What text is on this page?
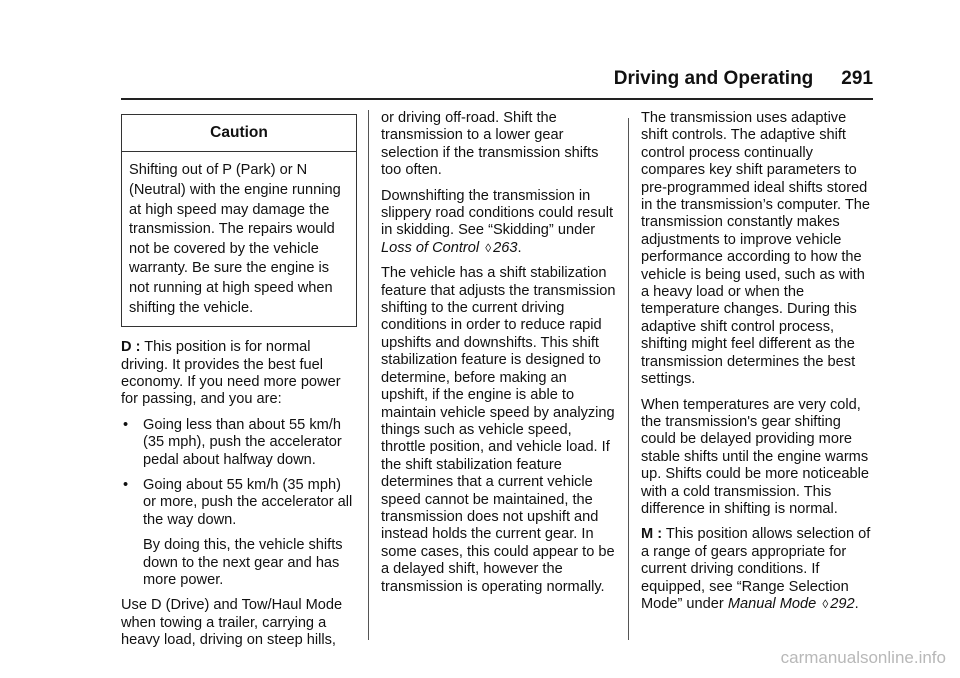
Driving and Operating 291
Caution
Shifting out of P (Park) or N (Neutral) with the engine running at high speed may damage the transmission. The repairs would not be covered by the vehicle warranty. Be sure the engine is not running at high speed when shifting the vehicle.

D : This position is for normal driving. It provides the best fuel economy. If you need more power for passing, and you are:

•	Going less than about 55 km/h (35 mph), push the accelerator pedal about halfway down.
•	Going about 55 km/h (35 mph) or more, push the accelerator all the way down.
By doing this, the vehicle shifts down to the next gear and has more power.

Use D (Drive) and Tow/Haul Mode when towing a trailer, carrying a heavy load, driving on steep hills,

or driving off-road. Shift the transmission to a lower gear selection if the transmission shifts too often.

Downshifting the transmission in slippery road conditions could result in skidding. See “Skidding” under Loss of Control ◊ 263.

The vehicle has a shift stabilization feature that adjusts the transmission shifting to the current driving conditions in order to reduce rapid upshifts and downshifts. This shift stabilization feature is designed to determine, before making an upshift, if the engine is able to maintain vehicle speed by analyzing things such as vehicle speed, throttle position, and vehicle load. If the shift stabilization feature determines that a current vehicle speed cannot be maintained, the transmission does not upshift and instead holds the current gear. In some cases, this could appear to be a delayed shift, however the transmission is operating normally.

The transmission uses adaptive shift controls. The adaptive shift control process continually compares key shift parameters to pre-programmed ideal shifts stored in the transmission’s computer. The transmission constantly makes adjustments to improve vehicle performance according to how the vehicle is being used, such as with a heavy load or when the temperature changes. During this adaptive shift control process, shifting might feel different as the transmission determines the best settings.

When temperatures are very cold, the transmission's gear shifting could be delayed providing more stable shifts until the engine warms up. Shifts could be more noticeable with a cold transmission. This difference in shifting is normal.

M : This position allows selection of a range of gears appropriate for current driving conditions. If equipped, see “Range Selection Mode” under Manual Mode ◊ 292.

carmanualsonline.info
